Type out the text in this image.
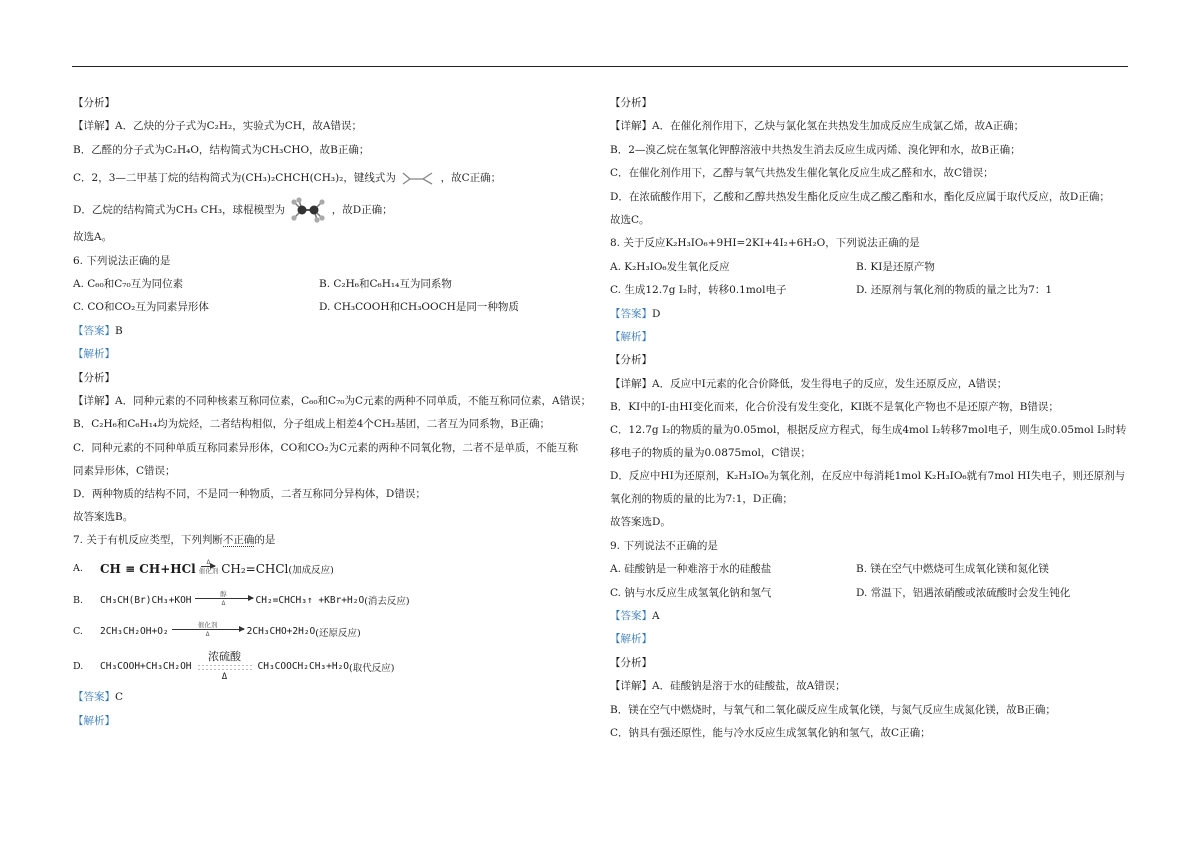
【分析】
【详解】A．乙炔的分子式为C₂H₂，实验式为CH，故A错误；
B．乙醛的分子式为C₂H₄O，结构简式为CH₃CHO，故B正确；
C．2，3—二甲基丁烷的结构简式为(CH₃)₂CHCH(CH₃)₂，键线式为	，故C正确；
D．乙烷的结构简式为CH₃ CH₃，球棍模型为	，故D正确；
故选A。
6. 下列说法正确的是
A. C₆₀和C₇₀互为同位素	B. C₂H₆和C₆H₁₄互为同系物
C. CO和CO₂互为同素异形体	D. CH₃COOH和CH₃OOCH是同一种物质
【答案】B
【解析】
【分析】
【详解】A．同种元素的不同种核素互称同位素，C₆₀和C₇₀为C元素的两种不同单质，不能互称同位素，A错误；
B．C₂H₆和C₆H₁₄均为烷烃，二者结构相似，分子组成上相差4个CH₂基团，二者互为同系物，B正确；
C．同种元素的不同种单质互称同素异形体，CO和CO₂为C元素的两种不同氧化物，二者不是单质，不能互称同素异形体，C错误；
D．两种物质的结构不同，不是同一种物质，二者互称同分异构体，D错误；
故答案选B。
7. 关于有机反应类型，下列判断不正确的是
A.	CH ≡ CH+HCl Δ
催化剂 CH₂=CHCl (加成反应)
B.	CH₃CH(Br)CH₃+KOH
醇
Δ	CH₂=CHCH₃↑ +KBr+H₂O (消去反应)
C.	2CH₃CH₂OH+O₂
催化剂
Δ	2CH₃CHO+2H₂O (还原反应)
D.	CH₃COOH+CH₃CH₂OH
浓硫酸
Δ
CH₃COOCH₂CH₃+H₂O (取代反应)
【答案】C
【解析】
【分析】
【详解】A．在催化剂作用下，乙炔与氯化氢在共热发生加成反应生成氯乙烯，故A正确；
B．2—溴乙烷在氢氧化钾醇溶液中共热发生消去反应生成丙烯、溴化钾和水，故B正确；
C．在催化剂作用下，乙醇与氧气共热发生催化氧化反应生成乙醛和水，故C错误；
D．在浓硫酸作用下，乙酸和乙醇共热发生酯化反应生成乙酸乙酯和水，酯化反应属于取代反应，故D正确；
故选C。
8. 关于反应K₂H₃IO₆+9HI=2KI+4I₂+6H₂O，下列说法正确的是
A. K₂H₃IO₆发生氧化反应	B. KI是还原产物
C. 生成12.7g I₂时，转移0.1mol电子	D. 还原剂与氧化剂的物质的量之比为7：1
【答案】D
【解析】
【分析】
【详解】A．反应中I元素的化合价降低，发生得电子的反应，发生还原反应，A错误；
B．KI中的I-由HI变化而来，化合价没有发生变化，KI既不是氧化产物也不是还原产物，B错误；
C．12.7g I₂的物质的量为0.05mol，根据反应方程式，每生成4mol I₂转移7mol电子，则生成0.05mol I₂时转移电子的物质的量为0.0875mol，C错误；
D．反应中HI为还原剂，K₂H₃IO₆为氧化剂，在反应中每消耗1mol K₂H₃IO₆就有7mol HI失电子，则还原剂与氧化剂的物质的量的比为7:1，D正确；
故答案选D。
9. 下列说法不正确的是
A. 硅酸钠是一种难溶于水的硅酸盐	B. 镁在空气中燃烧可生成氧化镁和氮化镁
C. 钠与水反应生成氢氧化钠和氢气	D. 常温下，铝遇浓硝酸或浓硫酸时会发生钝化
【答案】A
【解析】
【分析】
【详解】A．硅酸钠是溶于水的硅酸盐，故A错误；
B．镁在空气中燃烧时，与氧气和二氧化碳反应生成氧化镁，与氮气反应生成氮化镁，故B正确；
C．钠具有强还原性，能与冷水反应生成氢氧化钠和氢气，故C正确；
